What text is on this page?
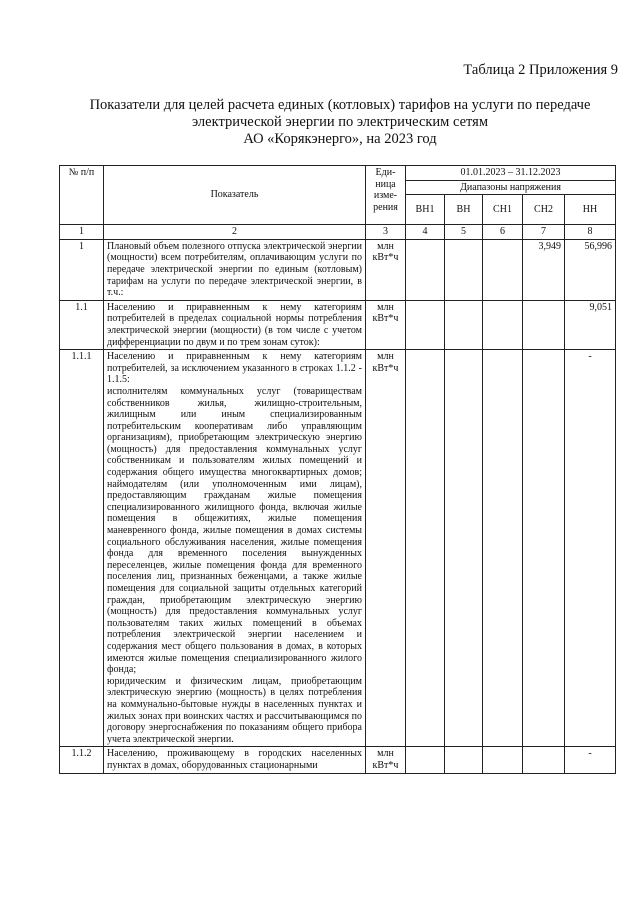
Таблица 2 Приложения 9
Показатели для целей расчета единых (котловых) тарифов на услуги по передаче
электрической энергии по электрическим сетям
АО «Корякэнерго», на 2023 год
№ п/п	Показатель	Еди-ница изме-рения	01.01.2023 – 31.12.2023				
			Диапазоны напряжения				
			ВН1	ВН	СН1	СН2	НН
1	2	3	4	5	6	7	8
1	Плановый объем полезного отпуска электрической энергии (мощности) всем потребителям, оплачивающим услуги по передаче электрической энергии по единым (котловым) тарифам на услуги по передаче электрической энергии, в т.ч.:	млн кВт*ч				3,949	56,996
1.1	Населению и приравненным к нему категориям потребителей в пределах социальной нормы потребления электрической энергии (мощности) (в том числе с учетом дифференциации по двум и по трем зонам суток):	млн кВт*ч					9,051
1.1.1	Населению и приравненным к нему категориям потребителей, за исключением указанного в строках 1.1.2 - 1.1.5:
исполнителям коммунальных услуг (товариществам собственников жилья, жилищно-строительным, жилищным или иным специализированным потребительским кооперативам либо управляющим организациям), приобретающим электрическую энергию (мощность) для предоставления коммунальных услуг собственникам и пользователям жилых помещений и содержания общего имущества многоквартирных домов; наймодателям (или уполномоченным ими лицам), предоставляющим гражданам жилые помещения специализированного жилищного фонда, включая жилые помещения в общежитиях, жилые помещения маневренного фонда, жилые помещения в домах системы социального обслуживания населения, жилые помещения фонда для временного поселения вынужденных переселенцев, жилые помещения фонда для временного поселения лиц, признанных беженцами, а также жилые помещения для социальной защиты отдельных категорий граждан, приобретающим электрическую энергию (мощность) для предоставления коммунальных услуг пользователям таких жилых помещений в объемах потребления электрической энергии населением и содержания мест общего пользования в домах, в которых имеются жилые помещения специализированного жилого фонда;
юридическим и физическим лицам, приобретающим электрическую энергию (мощность) в целях потребления на коммунально-бытовые нужды в населенных пунктах и жилых зонах при воинских частях и рассчитывающимся по договору энергоснабжения по показаниям общего прибора учета электрической энергии.	млн кВт*ч					-
1.1.2	Населению, проживающему в городских населенных пунктах в домах, оборудованных стационарными	млн кВт*ч					-
